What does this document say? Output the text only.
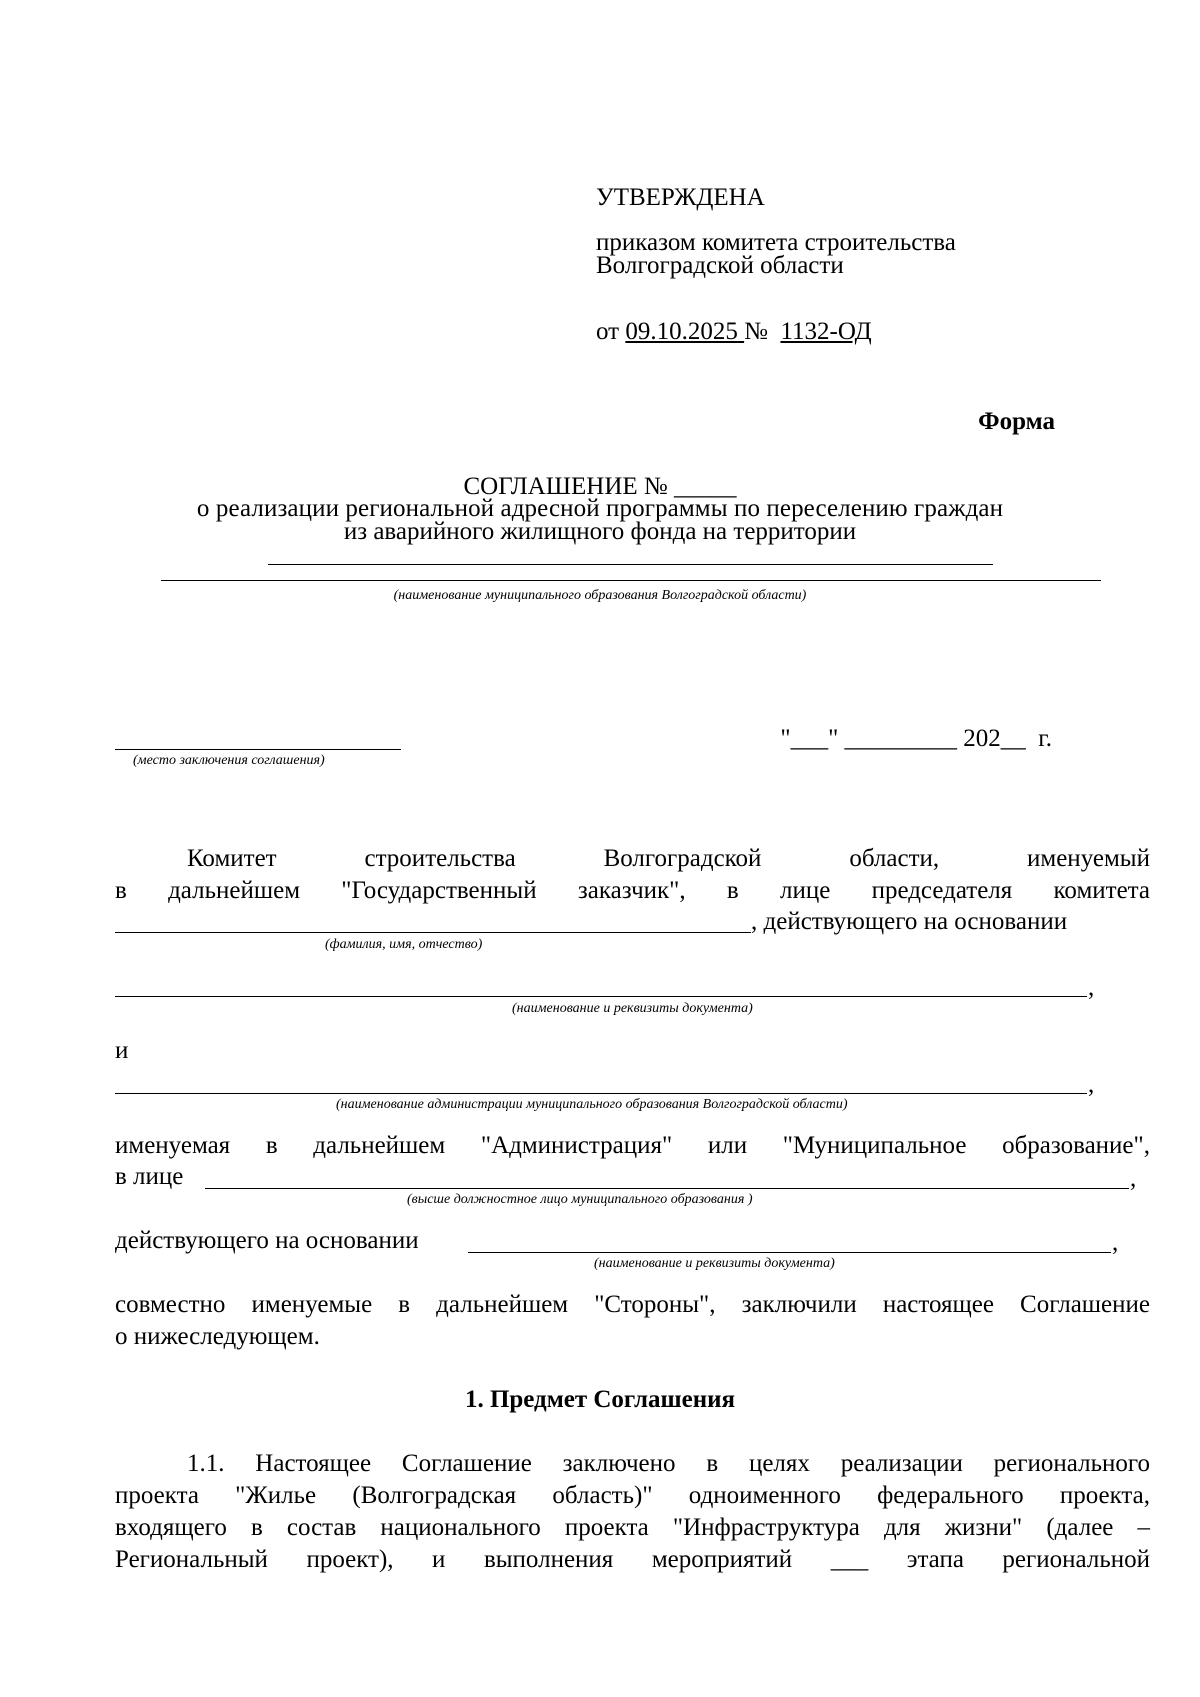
УТВЕРЖДЕНА
приказом комитета строительства
Волгоградской области
от 09.10.2025 № 1132-ОД
Форма
СОГЛАШЕНИЕ № _____
о реализации региональной адресной программы по переселению граждан
из аварийного жилищного фонда на территории
(наименование муниципального образования Волгоградской области)
(место заключения соглашения)
"___" _________ 202__  г.
Комитет	строительства	Волгоградской	области,	именуемый
в дальнейшем "Государственный заказчик", в лице председателя комитета
, действующего на основании
(фамилия, имя, отчество)
,
(наименование и реквизиты документа)
и
,
(наименование администрации муниципального образования Волгоградской области)
именуемая в дальнейшем "Администрация" или "Муниципальное образование",
в лице	,
(высше должностное лицо муниципального образования )
действующего на основании	,
(наименование и реквизиты документа)
совместно именуемые в дальнейшем "Стороны", заключили настоящее Соглашение
о нижеследующем.
1. Предмет Соглашения
1.1. Настоящее Соглашение заключено в целях реализации регионального
проекта "Жилье (Волгоградская область)" одноименного федерального проекта,
входящего в состав национального проекта "Инфраструктура для жизни" (далее –
Региональный проект), и выполнения мероприятий ___ этапа региональной
